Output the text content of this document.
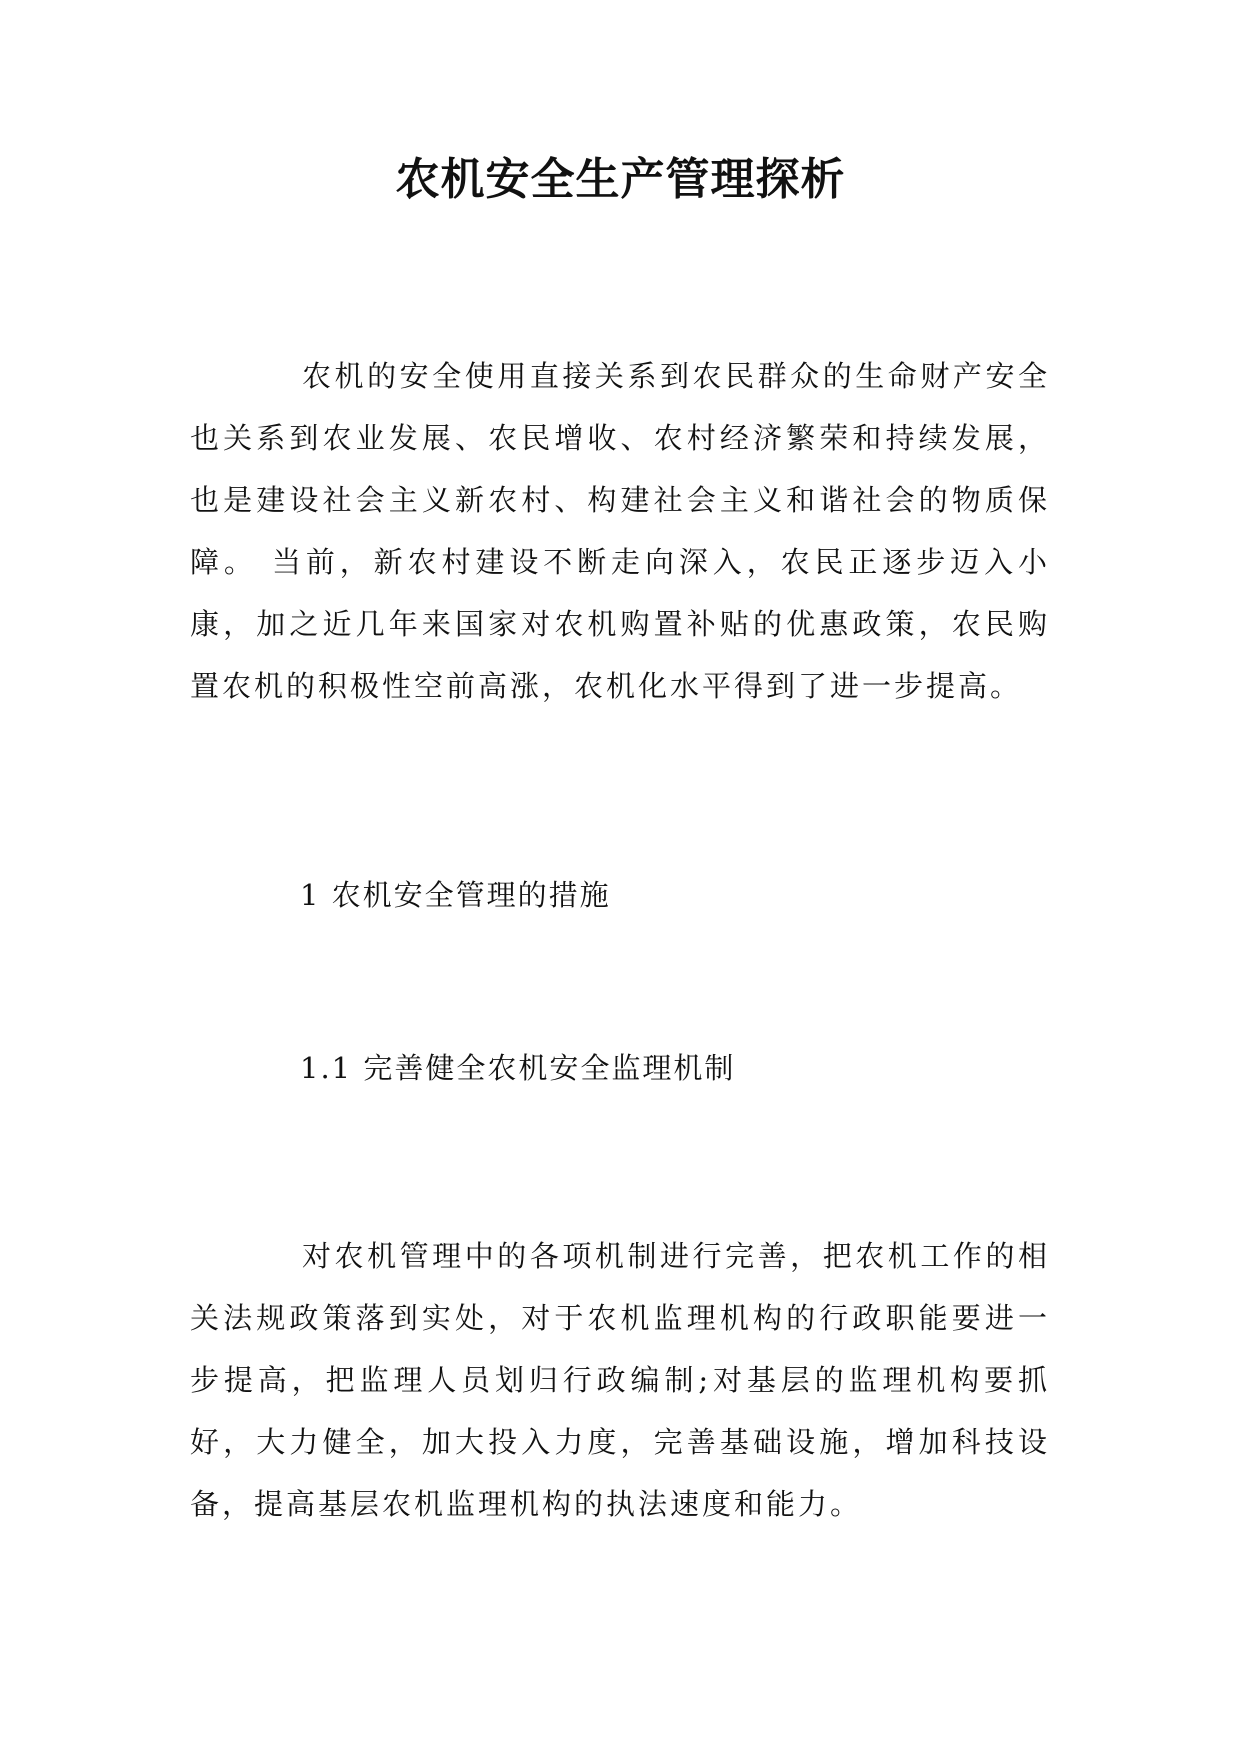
农机安全生产管理探析

农机的安全使用直接关系到农民群众的生命财产安全也关系到农业发展、农民增收、农村经济繁荣和持续发展，也是建设社会主义新农村、构建社会主义和谐社会的物质保障。 当前，新农村建设不断走向深入，农民正逐步迈入小康，加之近几年来国家对农机购置补贴的优惠政策，农民购置农机的积极性空前高涨，农机化水平得到了进一步提高。

1 农机安全管理的措施
1.1 完善健全农机安全监理机制

对农机管理中的各项机制进行完善，把农机工作的相关法规政策落到实处，对于农机监理机构的行政职能要进一步提高，把监理人员划归行政编制;对基层的监理机构要抓好，大力健全，加大投入力度，完善基础设施，增加科技设备，提高基层农机监理机构的执法速度和能力。
